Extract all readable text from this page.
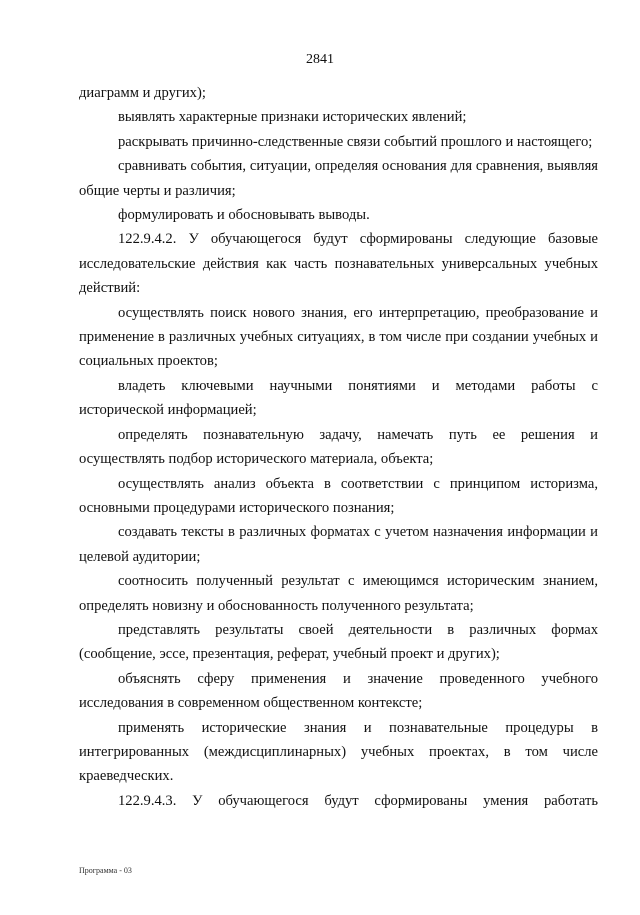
2841

диаграмм и других);

выявлять характерные признаки исторических явлений;

раскрывать причинно-следственные связи событий прошлого и настоящего;

сравнивать события, ситуации, определяя основания для сравнения, выявляя общие черты и различия;

формулировать и обосновывать выводы.

122.9.4.2. У обучающегося будут сформированы следующие базовые исследовательские действия как часть познавательных универсальных учебных действий:

осуществлять поиск нового знания, его интерпретацию, преобразование и применение в различных учебных ситуациях, в том числе при создании учебных и социальных проектов;

владеть ключевыми научными понятиями и методами работы с исторической информацией;

определять познавательную задачу, намечать путь ее решения и осуществлять подбор исторического материала, объекта;

осуществлять анализ объекта в соответствии с принципом историзма, основными процедурами исторического познания;

создавать тексты в различных форматах с учетом назначения информации и целевой аудитории;

соотносить полученный результат с имеющимся историческим знанием, определять новизну и обоснованность полученного результата;

представлять результаты своей деятельности в различных формах (сообщение, эссе, презентация, реферат, учебный проект и других);

объяснять сферу применения и значение проведенного учебного исследования в современном общественном контексте;

применять исторические знания и познавательные процедуры в интегрированных (междисциплинарных) учебных проектах, в том числе краеведческих.

122.9.4.3. У обучающегося будут сформированы умения работать

Программа - 03
